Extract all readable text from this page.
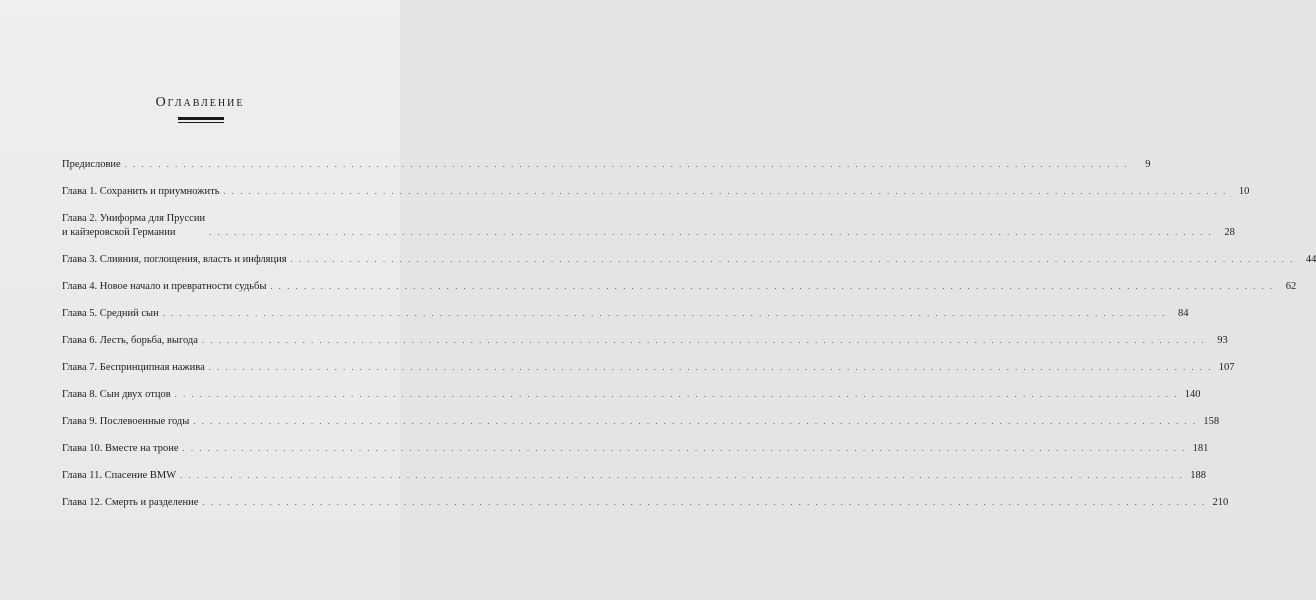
Оглавление
Предисловие . . . . . . . . . . . . . . . . . . . . . . . . . . . . . . . . . . . . . . . . . . . . . . . . . . . . . . . . . . . . . . . . . . . . . . . . . . . . . . . . . . . . . . . . . . . . . . . . . . . . . . . . . . . . . . . . . . . . . . . .	9
Глава 1. Сохранить и приумножить . . . . . . . . . . . . . . . . . . . . . . . . . . . . . . . . . . . . . . . . . . . . . . . . . . . . . . . . . . . . . . . . . . . . . . . . . . . . . . . . . . . . . . . . . . . . . . . . . . . . . . . . . . . . . . . . . . . . . . . .	10
Глава 2. Униформа для Пруссии
и кайзеровской Германии	. . . . . . . . . . . . . . . . . . . . . . . . . . . . . . . . . . . . . . . . . . . . . . . . . . . . . . . . . . . . . . . . . . . . . . . . . . . . . . . . . . . . . . . . . . . . . . . . . . . . . . . . . . . . . . . . . . . . . . . .	28
Глава 3. Слияния, поглощения, власть и инфляция . . . . . . . . . . . . . . . . . . . . . . . . . . . . . . . . . . . . . . . . . . . . . . . . . . . . . . . . . . . . . . . . . . . . . . . . . . . . . . . . . . . . . . . . . . . . . . . . . . . . . . . . . . . . . . . . . . . . . . . .	44
Глава 4. Новое начало и превратности судьбы . . . . . . . . . . . . . . . . . . . . . . . . . . . . . . . . . . . . . . . . . . . . . . . . . . . . . . . . . . . . . . . . . . . . . . . . . . . . . . . . . . . . . . . . . . . . . . . . . . . . . . . . . . . . . . . . . . . . . . . .	62
Глава 5. Средний сын . . . . . . . . . . . . . . . . . . . . . . . . . . . . . . . . . . . . . . . . . . . . . . . . . . . . . . . . . . . . . . . . . . . . . . . . . . . . . . . . . . . . . . . . . . . . . . . . . . . . . . . . . . . . . . . . . . . . . . . .	84
Глава 6. Лесть, борьба, выгода . . . . . . . . . . . . . . . . . . . . . . . . . . . . . . . . . . . . . . . . . . . . . . . . . . . . . . . . . . . . . . . . . . . . . . . . . . . . . . . . . . . . . . . . . . . . . . . . . . . . . . . . . . . . . . . . . . . . . . . .	93
Глава 7. Беспринципная нажива . . . . . . . . . . . . . . . . . . . . . . . . . . . . . . . . . . . . . . . . . . . . . . . . . . . . . . . . . . . . . . . . . . . . . . . . . . . . . . . . . . . . . . . . . . . . . . . . . . . . . . . . . . . . . . . . . . . . . . . . 107
Глава 8. Сын двух отцов . . . . . . . . . . . . . . . . . . . . . . . . . . . . . . . . . . . . . . . . . . . . . . . . . . . . . . . . . . . . . . . . . . . . . . . . . . . . . . . . . . . . . . . . . . . . . . . . . . . . . . . . . . . . . . . . . . . . . . . . 140
Глава 9. Послевоенные годы . . . . . . . . . . . . . . . . . . . . . . . . . . . . . . . . . . . . . . . . . . . . . . . . . . . . . . . . . . . . . . . . . . . . . . . . . . . . . . . . . . . . . . . . . . . . . . . . . . . . . . . . . . . . . . . . . . . . . . . . 158
Глава 10. Вместе на троне . . . . . . . . . . . . . . . . . . . . . . . . . . . . . . . . . . . . . . . . . . . . . . . . . . . . . . . . . . . . . . . . . . . . . . . . . . . . . . . . . . . . . . . . . . . . . . . . . . . . . . . . . . . . . . . . . . . . . . . . 181
Глава 11. Спасение BMW . . . . . . . . . . . . . . . . . . . . . . . . . . . . . . . . . . . . . . . . . . . . . . . . . . . . . . . . . . . . . . . . . . . . . . . . . . . . . . . . . . . . . . . . . . . . . . . . . . . . . . . . . . . . . . . . . . . . . . . . 188
Глава 12. Смерть и разделение . . . . . . . . . . . . . . . . . . . . . . . . . . . . . . . . . . . . . . . . . . . . . . . . . . . . . . . . . . . . . . . . . . . . . . . . . . . . . . . . . . . . . . . . . . . . . . . . . . . . . . . . . . . . . . . . . . . . . . . . 210
